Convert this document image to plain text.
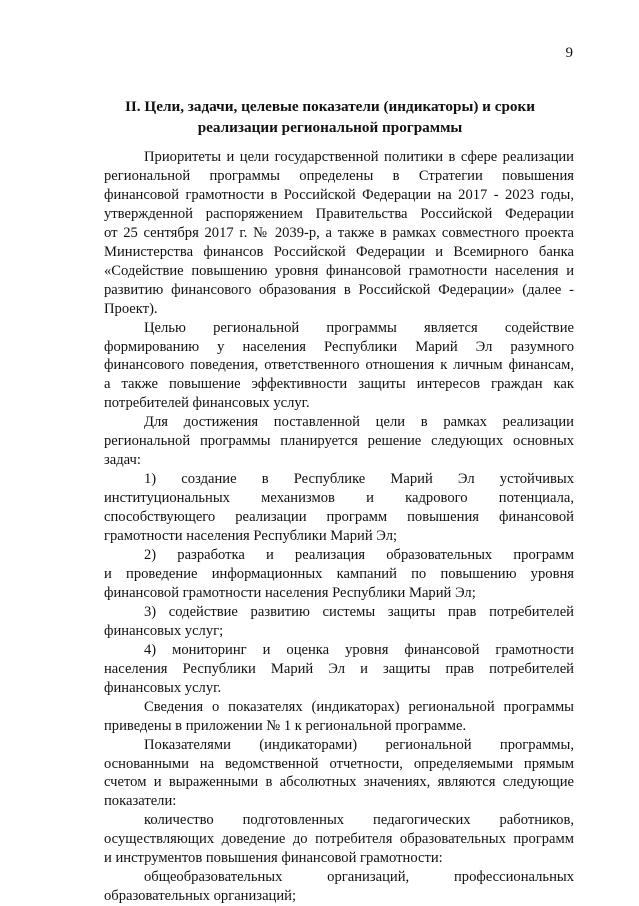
9
II. Цели, задачи, целевые показатели (индикаторы) и сроки
реализации региональной программы

Приоритеты и цели государственной политики в сфере реализации
региональной программы определены в Стратегии повышения
финансовой грамотности в Российской Федерации на 2017 - 2023 годы,
утвержденной распоряжением Правительства Российской Федерации
от 25 сентября 2017 г. № 2039-р, а также в рамках совместного проекта
Министерства финансов Российской Федерации и Всемирного банка
«Содействие повышению уровня финансовой грамотности населения и
развитию финансового образования в Российской Федерации» (далее -
Проект).

Целью региональной программы является содействие
формированию у населения Республики Марий Эл разумного
финансового поведения, ответственного отношения к личным финансам,
а также повышение эффективности защиты интересов граждан как
потребителей финансовых услуг.

Для достижения поставленной цели в рамках реализации
региональной программы планируется решение следующих основных
задач:

1) создание в Республике Марий Эл устойчивых
институциональных механизмов и кадрового потенциала,
способствующего реализации программ повышения финансовой
грамотности населения Республики Марий Эл;

2) разработка и реализация образовательных программ
и проведение информационных кампаний по повышению уровня
финансовой грамотности населения Республики Марий Эл;

3) содействие развитию системы защиты прав потребителей
финансовых услуг;

4) мониторинг и оценка уровня финансовой грамотности
населения Республики Марий Эл и защиты прав потребителей
финансовых услуг.

Сведения о показателях (индикаторах) региональной программы
приведены в приложении № 1 к региональной программе.

Показателями (индикаторами) региональной программы,
основанными на ведомственной отчетности, определяемыми прямым
счетом и выраженными в абсолютных значениях, являются следующие
показатели:

количество подготовленных педагогических работников,
осуществляющих доведение до потребителя образовательных программ
и инструментов повышения финансовой грамотности:

общеобразовательных организаций, профессиональных
образовательных организаций;
